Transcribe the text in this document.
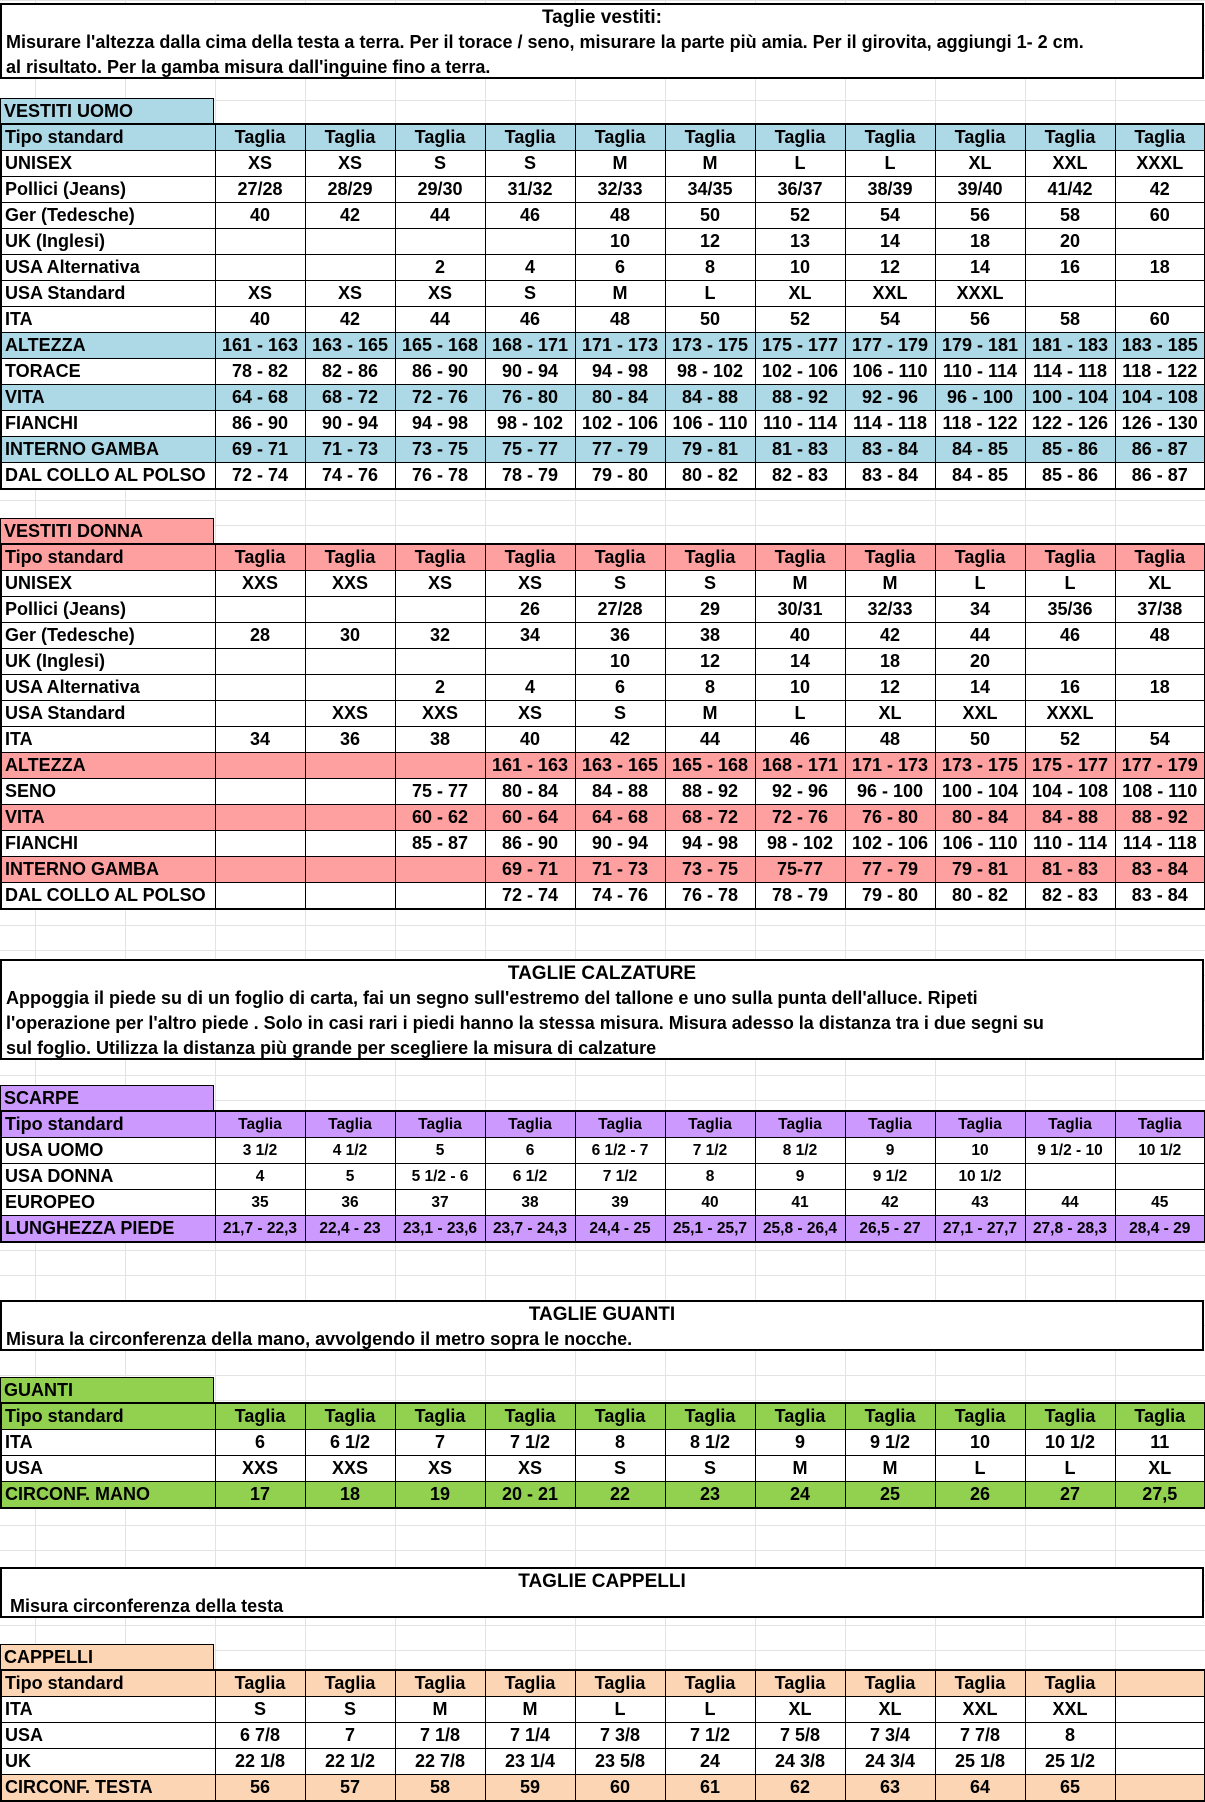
Taglie vestiti:
Misurare l'altezza dalla cima della testa a terra. Per il torace / seno, misurare la parte più amia. Per il girovita, aggiungi 1- 2 cm.
al risultato. Per la gamba misura dall'inguine fino a terra.
VESTITI UOMO
Tipo standard	Taglia	Taglia	Taglia	Taglia	Taglia	Taglia	Taglia	Taglia	Taglia	Taglia	Taglia
UNISEX	XS	XS	S	S	M	M	L	L	XL	XXL	XXXL
Pollici (Jeans)	27/28	28/29	29/30	31/32	32/33	34/35	36/37	38/39	39/40	41/42	42
Ger (Tedesche)	40	42	44	46	48	50	52	54	56	58	60
UK (Inglesi)					10	12	13	14	18	20	
USA Alternativa			2	4	6	8	10	12	14	16	18
USA Standard	XS	XS	XS	S	M	L	XL	XXL	XXXL		
ITA	40	42	44	46	48	50	52	54	56	58	60
ALTEZZA	161 - 163	163 - 165	165 - 168	168 - 171	171 - 173	173 - 175	175 - 177	177 - 179	179 - 181	181 - 183	183 - 185
TORACE	78 - 82	82 - 86	86 - 90	90 - 94	94 - 98	98 - 102	102 - 106	106 - 110	110 - 114	114 - 118	118 - 122
VITA	64 - 68	68 - 72	72 - 76	76 - 80	80 - 84	84 - 88	88 - 92	92 - 96	96 - 100	100 - 104	104 - 108
FIANCHI	86 - 90	90 - 94	94 - 98	98 - 102	102 - 106	106 - 110	110 - 114	114 - 118	118 - 122	122 - 126	126 - 130
INTERNO GAMBA	69 - 71	71 - 73	73 - 75	75 - 77	77 - 79	79 - 81	81 - 83	83 - 84	84 - 85	85 - 86	86 - 87
DAL COLLO AL POLSO	72 - 74	74 - 76	76 - 78	78 - 79	79 - 80	80 - 82	82 - 83	83 - 84	84 - 85	85 - 86	86 - 87
VESTITI DONNA
Tipo standard	Taglia	Taglia	Taglia	Taglia	Taglia	Taglia	Taglia	Taglia	Taglia	Taglia	Taglia
UNISEX	XXS	XXS	XS	XS	S	S	M	M	L	L	XL
Pollici (Jeans)				26	27/28	29	30/31	32/33	34	35/36	37/38
Ger (Tedesche)	28	30	32	34	36	38	40	42	44	46	48
UK (Inglesi)					10	12	14	18	20		
USA Alternativa			2	4	6	8	10	12	14	16	18
USA Standard		XXS	XXS	XS	S	M	L	XL	XXL	XXXL	
ITA	34	36	38	40	42	44	46	48	50	52	54
ALTEZZA				161 - 163	163 - 165	165 - 168	168 - 171	171 - 173	173 - 175	175 - 177	177 - 179
SENO			75 - 77	80 - 84	84 - 88	88 - 92	92 - 96	96 - 100	100 - 104	104 - 108	108 - 110
VITA			60 - 62	60 - 64	64 - 68	68 - 72	72 - 76	76 - 80	80 - 84	84 - 88	88 - 92
FIANCHI			85 - 87	86 - 90	90 - 94	94 - 98	98 - 102	102 - 106	106 - 110	110 - 114	114 - 118
INTERNO GAMBA				69 - 71	71 - 73	73 - 75	75-77	77 - 79	79 - 81	81 - 83	83 - 84
DAL COLLO AL POLSO				72 - 74	74 - 76	76 - 78	78 - 79	79 - 80	80 - 82	82 - 83	83 - 84
TAGLIE CALZATURE
Appoggia il piede su di un foglio di carta, fai un segno sull'estremo del tallone e uno sulla punta dell'alluce. Ripeti
l'operazione per l'altro piede . Solo in casi rari i piedi hanno la stessa misura. Misura adesso la distanza tra i due segni su
sul foglio. Utilizza la distanza più grande per scegliere la misura di calzature
SCARPE
Tipo standard	Taglia	Taglia	Taglia	Taglia	Taglia	Taglia	Taglia	Taglia	Taglia	Taglia	Taglia
USA UOMO	3 1/2	4 1/2	5	6	6 1/2 - 7	7 1/2	8 1/2	9	10	9 1/2 - 10	10 1/2
USA DONNA	4	5	5 1/2 - 6	6 1/2	7 1/2	8	9	9 1/2	10 1/2		
EUROPEO	35	36	37	38	39	40	41	42	43	44	45
LUNGHEZZA PIEDE	21,7 - 22,3	22,4 - 23	23,1 - 23,6	23,7 - 24,3	24,4 - 25	25,1 - 25,7	25,8 - 26,4	26,5 - 27	27,1 - 27,7	27,8 - 28,3	28,4 - 29
TAGLIE GUANTI
Misura la circonferenza della mano, avvolgendo il metro sopra le nocche.
GUANTI
Tipo standard	Taglia	Taglia	Taglia	Taglia	Taglia	Taglia	Taglia	Taglia	Taglia	Taglia	Taglia
ITA	6	6 1/2	7	7 1/2	8	8 1/2	9	9 1/2	10	10 1/2	11
USA	XXS	XXS	XS	XS	S	S	M	M	L	L	XL
CIRCONF. MANO	17	18	19	20 - 21	22	23	24	25	26	27	27,5
TAGLIE CAPPELLI
Misura circonferenza della testa
CAPPELLI
Tipo standard	Taglia	Taglia	Taglia	Taglia	Taglia	Taglia	Taglia	Taglia	Taglia	Taglia	
ITA	S	S	M	M	L	L	XL	XL	XXL	XXL	
USA	6 7/8	7	7 1/8	7 1/4	7 3/8	7 1/2	7 5/8	7 3/4	7 7/8	8	
UK	22 1/8	22 1/2	22 7/8	23 1/4	23 5/8	24	24 3/8	24 3/4	25 1/8	25 1/2	
CIRCONF. TESTA	56	57	58	59	60	61	62	63	64	65	
